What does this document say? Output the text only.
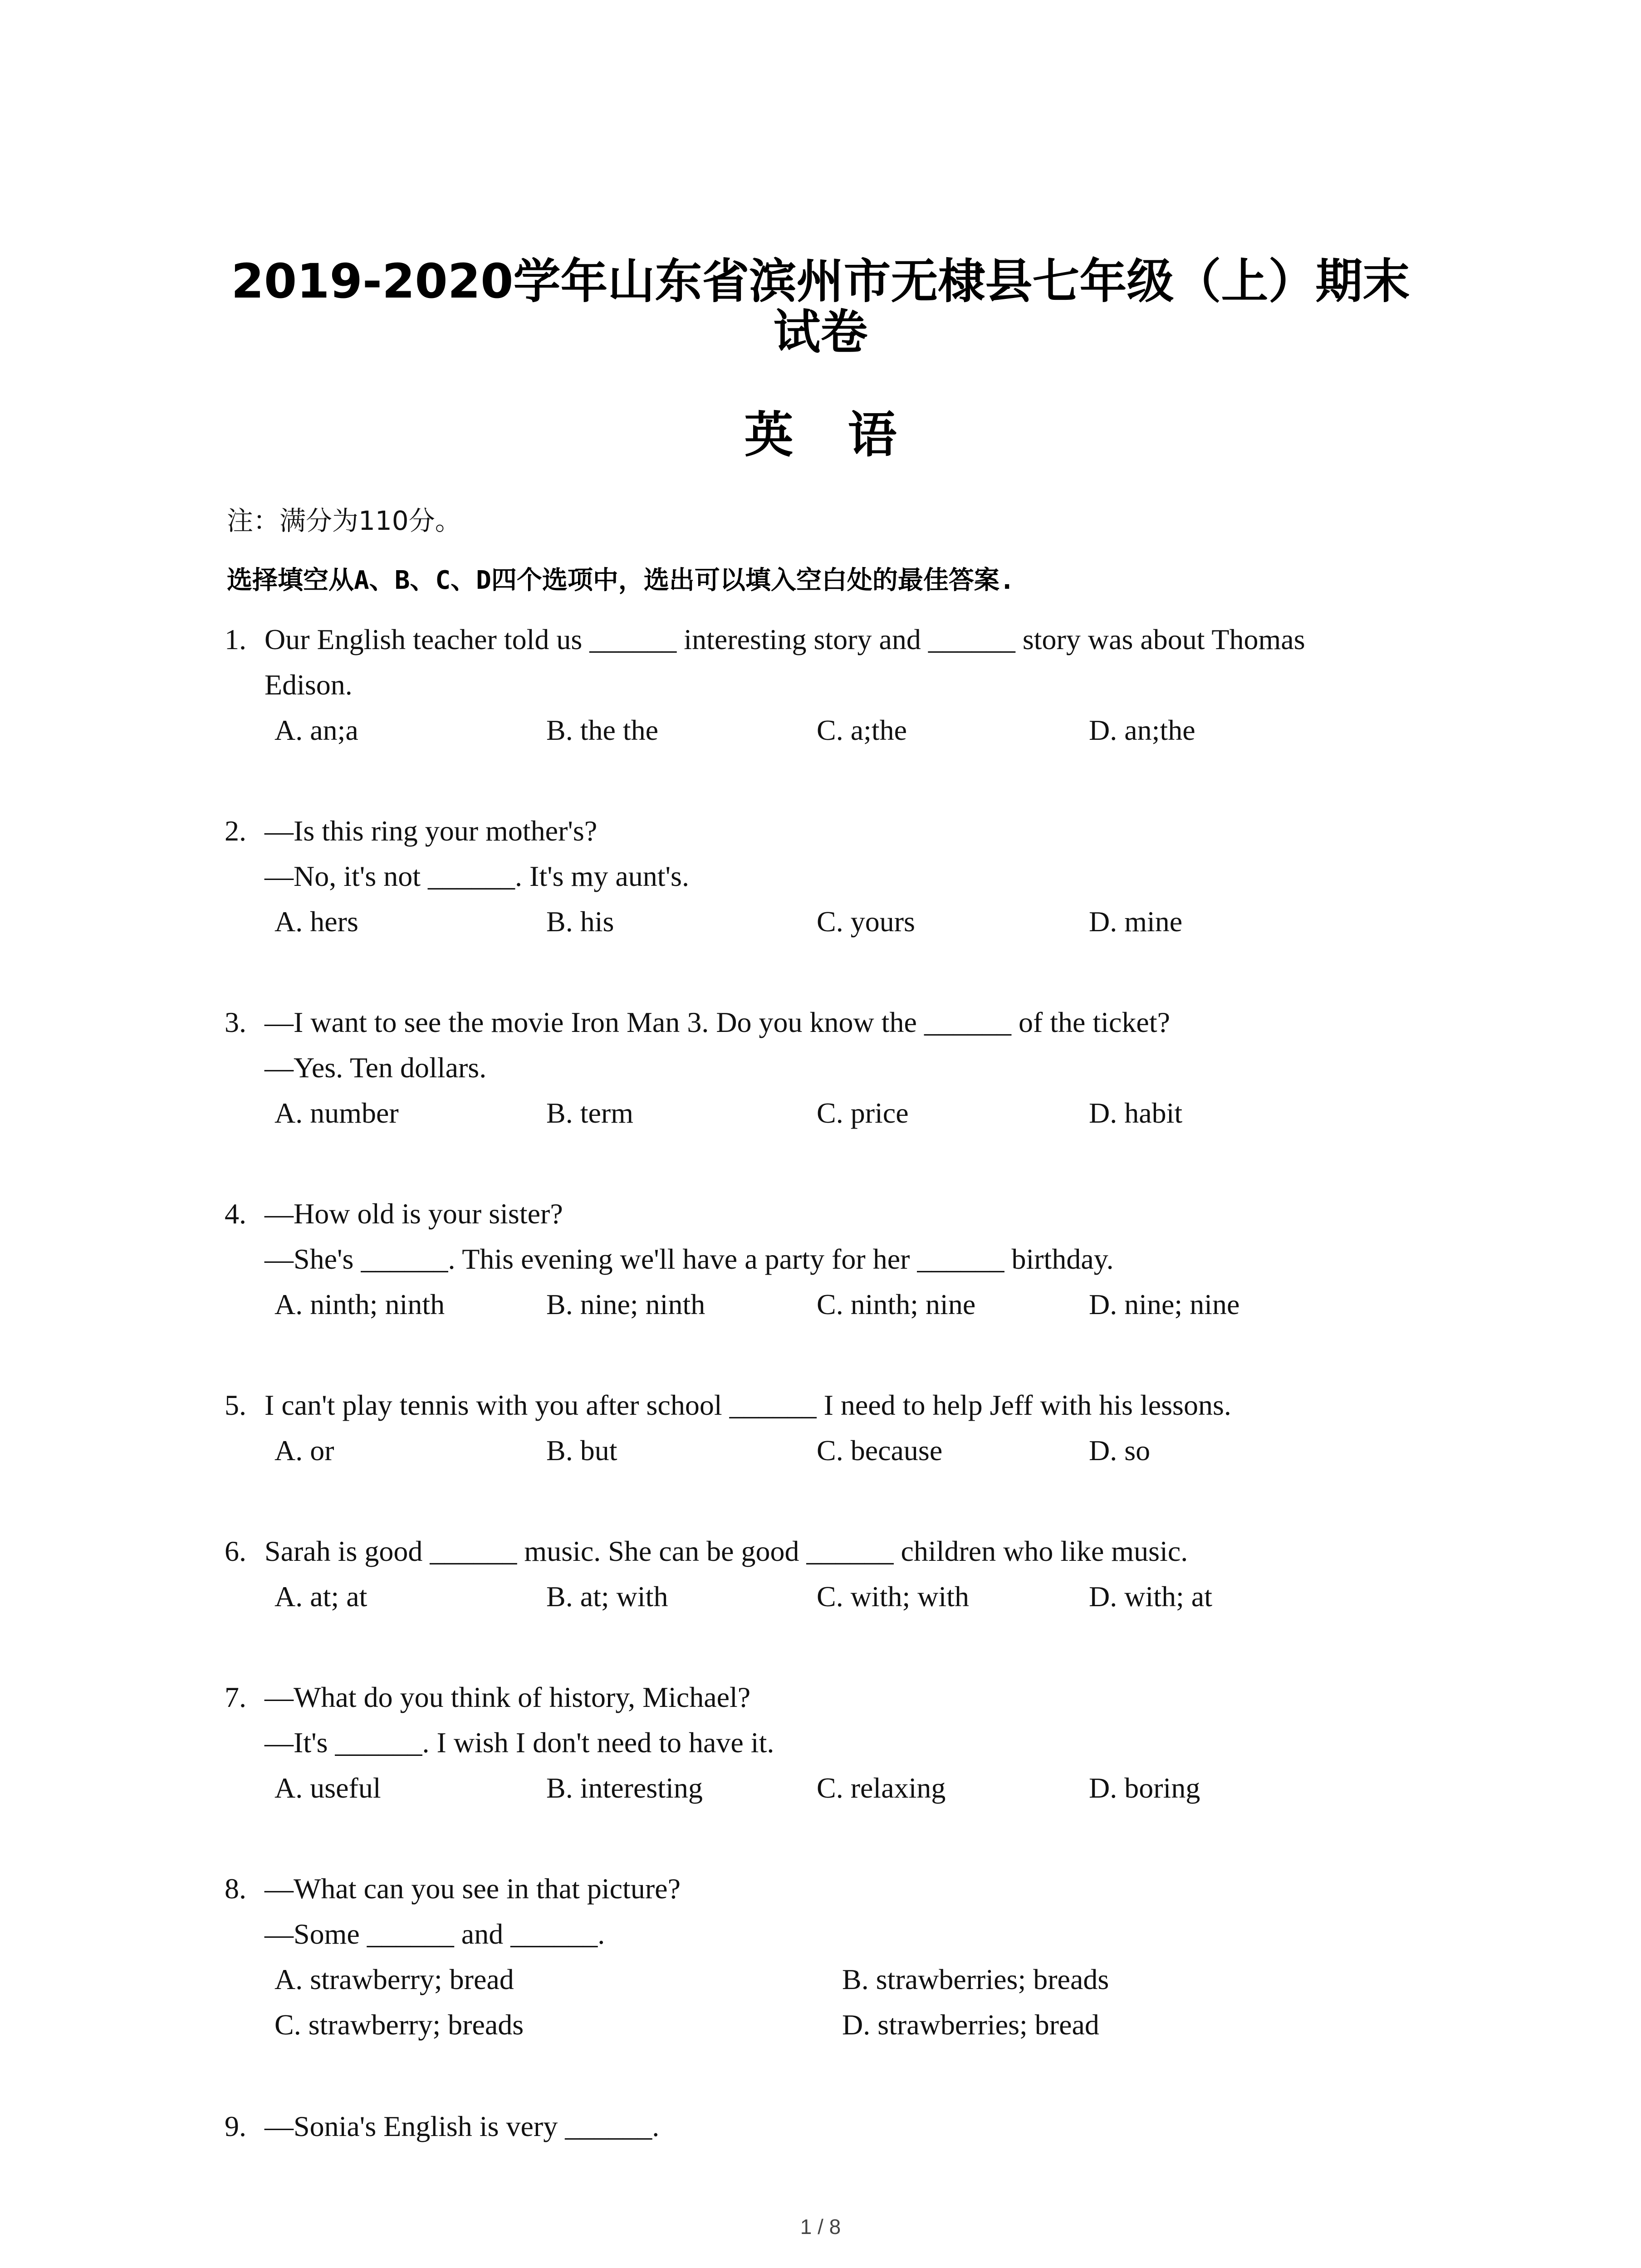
2019-2020学年山东省滨州市无棣县七年级（上）期末
试卷
英语
注：满分为110分。
选择填空从A、B、C、D四个选项中，选出可以填入空白处的最佳答案.
1. Our English teacher told us ______ interesting story and ______ story was about Thomas
Edison.
A. an;a	B. the the	C. a;the	D. an;the
2. —Is this ring your mother's?
—No, it's not ______. It's my aunt's.
A. hers	B. his	C. yours	D. mine
3. —I want to see the movie Iron Man 3. Do you know the ______ of the ticket?
—Yes. Ten dollars.
A. number	B. term	C. price	D. habit
4. —How old is your sister?
—She's ______. This evening we'll have a party for her ______ birthday.
A. ninth; ninth	B. nine; ninth	C. ninth; nine	D. nine; nine
5. I can't play tennis with you after school ______ I need to help Jeff with his lessons.
A. or	B. but	C. because	D. so
6. Sarah is good ______ music. She can be good ______ children who like music.
A. at; at	B. at; with	C. with; with	D. with; at
7. —What do you think of history, Michael?
—It's ______. I wish I don't need to have it.
A. useful	B. interesting	C. relaxing	D. boring
8. —What can you see in that picture?
—Some ______ and ______.
A. strawberry; bread	B. strawberries; breads
C. strawberry; breads	D. strawberries; bread
9. —Sonia's English is very ______.
1 / 8
